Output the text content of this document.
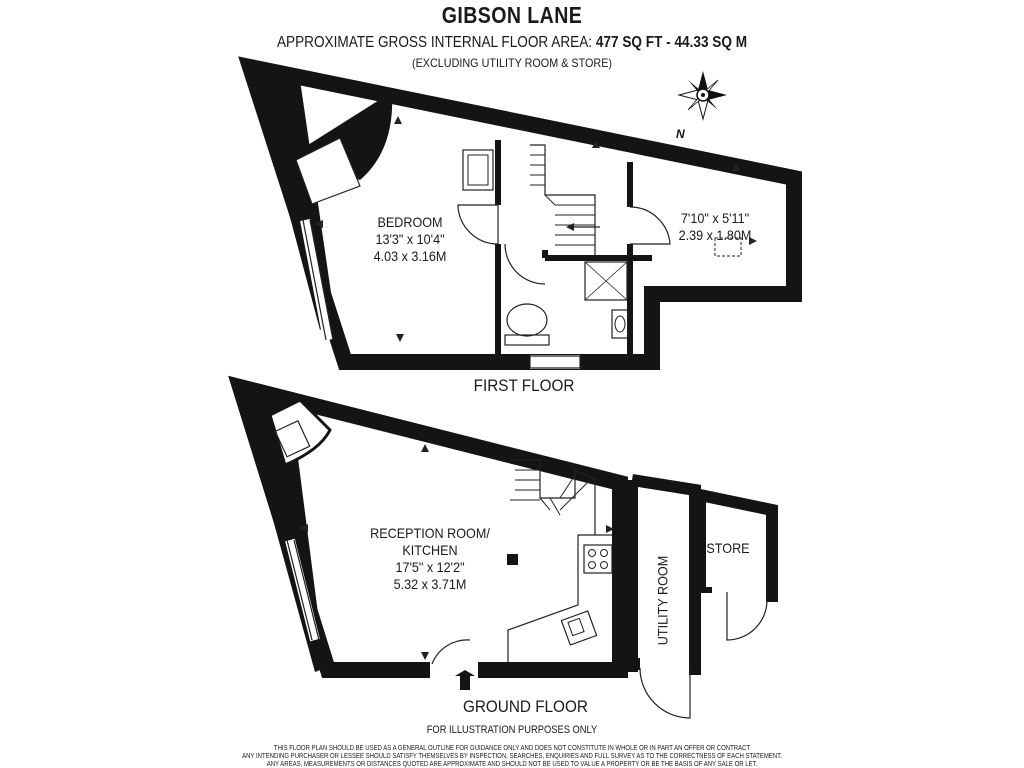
GIBSON LANE
APPROXIMATE GROSS INTERNAL FLOOR AREA: 477 SQ FT - 44.33 SQ M
(EXCLUDING UTILITY ROOM & STORE)
N
BEDROOM
13'3" x 10'4"
4.03 x 3.16M
7'10" x 5'11"
2.39 x 1.80M
FIRST FLOOR
RECEPTION ROOM/
KITCHEN
17'5" x 12'2"
5.32 x 3.71M	UTILITY ROOM
STORE
GROUND FLOOR
FOR ILLUSTRATION PURPOSES ONLY
THIS FLOOR PLAN SHOULD BE USED AS A GENERAL OUTLINE FOR GUIDANCE ONLY AND DOES NOT CONSTITUTE IN WHOLE OR IN PART AN OFFER OR CONTRACT
ANY INTENDING PURCHASER OR LESSEE SHOULD SATISFY THEMSELVES BY INSPECTION, SEARCHES, ENQUIRIES AND FULL SURVEY AS TO THE CORRECTNESS OF EACH STATEMENT.
ANY AREAS, MEASUREMENTS OR DISTANCES QUOTED ARE APPROXIMATE AND SHOULD NOT BE USED TO VALUE A PROPERTY OR BE THE BASIS OF ANY SALE OR LET.
